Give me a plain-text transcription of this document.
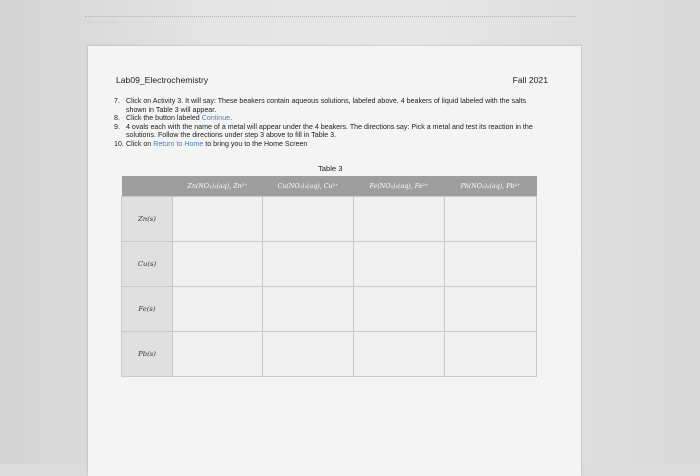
Lab09_Electrochemistry	Fall 2021
7. Click on Activity 3. It will say: These beakers contain aqueous solutions, labeled above. 4 beakers of liquid labeled with the salts shown in Table 3 will appear.
8. Click the button labeled Continue.
9. 4 ovals each with the name of a metal will appear under the 4 beakers. The directions say: Pick a metal and test its reaction in the solutions. Follow the directions under step 3 above to fill in Table 3.
10. Click on Return to Home to bring you to the Home Screen
Table 3
	Zn(NO₃)₂(aq), Zn²⁺	Cu(NO₃)₂(aq), Cu²⁺	Fe(NO₃)₂(aq), Fe²⁺	Pb(NO₃)₂(aq), Pb²⁺
Zn(s)				
Cu(s)				
Fe(s)				
Pb(s)				
